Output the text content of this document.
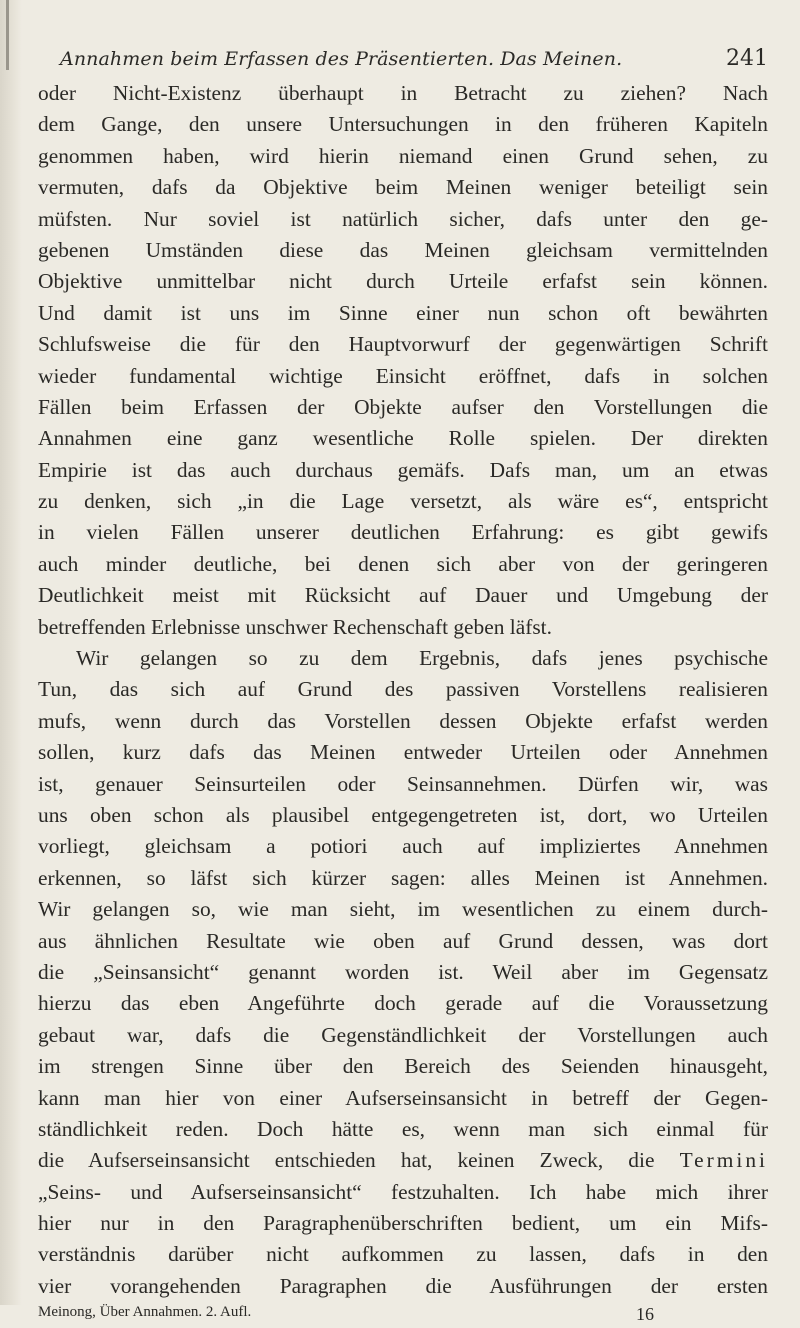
Annahmen beim Erfassen des Präsentierten. Das Meinen.	241
oder Nicht-Existenz überhaupt in Betracht zu ziehen? Nach
dem Gange, den unsere Untersuchungen in den früheren Kapiteln
genommen haben, wird hierin niemand einen Grund sehen, zu
vermuten, dafs da Objektive beim Meinen weniger beteiligt sein
müfsten. Nur soviel ist natürlich sicher, dafs unter den ge-
gebenen Umständen diese das Meinen gleichsam vermittelnden
Objektive unmittelbar nicht durch Urteile erfafst sein können.
Und damit ist uns im Sinne einer nun schon oft bewährten
Schlufsweise die für den Hauptvorwurf der gegenwärtigen Schrift
wieder fundamental wichtige Einsicht eröffnet, dafs in solchen
Fällen beim Erfassen der Objekte aufser den Vorstellungen die
Annahmen eine ganz wesentliche Rolle spielen. Der direkten
Empirie ist das auch durchaus gemäfs. Dafs man, um an etwas
zu denken, sich „in die Lage versetzt, als wäre es“, entspricht
in vielen Fällen unserer deutlichen Erfahrung: es gibt gewifs
auch minder deutliche, bei denen sich aber von der geringeren
Deutlichkeit meist mit Rücksicht auf Dauer und Umgebung der
betreffenden Erlebnisse unschwer Rechenschaft geben läfst.
Wir gelangen so zu dem Ergebnis, dafs jenes psychische
Tun, das sich auf Grund des passiven Vorstellens realisieren
mufs, wenn durch das Vorstellen dessen Objekte erfafst werden
sollen, kurz dafs das Meinen entweder Urteilen oder Annehmen
ist, genauer Seinsurteilen oder Seinsannehmen. Dürfen wir, was
uns oben schon als plausibel entgegengetreten ist, dort, wo Urteilen
vorliegt, gleichsam a potiori auch auf impliziertes Annehmen
erkennen, so läfst sich kürzer sagen: alles Meinen ist Annehmen.
Wir gelangen so, wie man sieht, im wesentlichen zu einem durch-
aus ähnlichen Resultate wie oben auf Grund dessen, was dort
die „Seinsansicht“ genannt worden ist. Weil aber im Gegensatz
hierzu das eben Angeführte doch gerade auf die Voraussetzung
gebaut war, dafs die Gegenständlichkeit der Vorstellungen auch
im strengen Sinne über den Bereich des Seienden hinausgeht,
kann man hier von einer Aufserseinsansicht in betreff der Gegen-
ständlichkeit reden. Doch hätte es, wenn man sich einmal für
die Aufserseinsansicht entschieden hat, keinen Zweck, die Termini
„Seins- und Aufserseinsansicht“ festzuhalten. Ich habe mich ihrer
hier nur in den Paragraphenüberschriften bedient, um ein Mifs-
verständnis darüber nicht aufkommen zu lassen, dafs in den
vier vorangehenden Paragraphen die Ausführungen der ersten
Meinong, Über Annahmen. 2. Aufl.	16
